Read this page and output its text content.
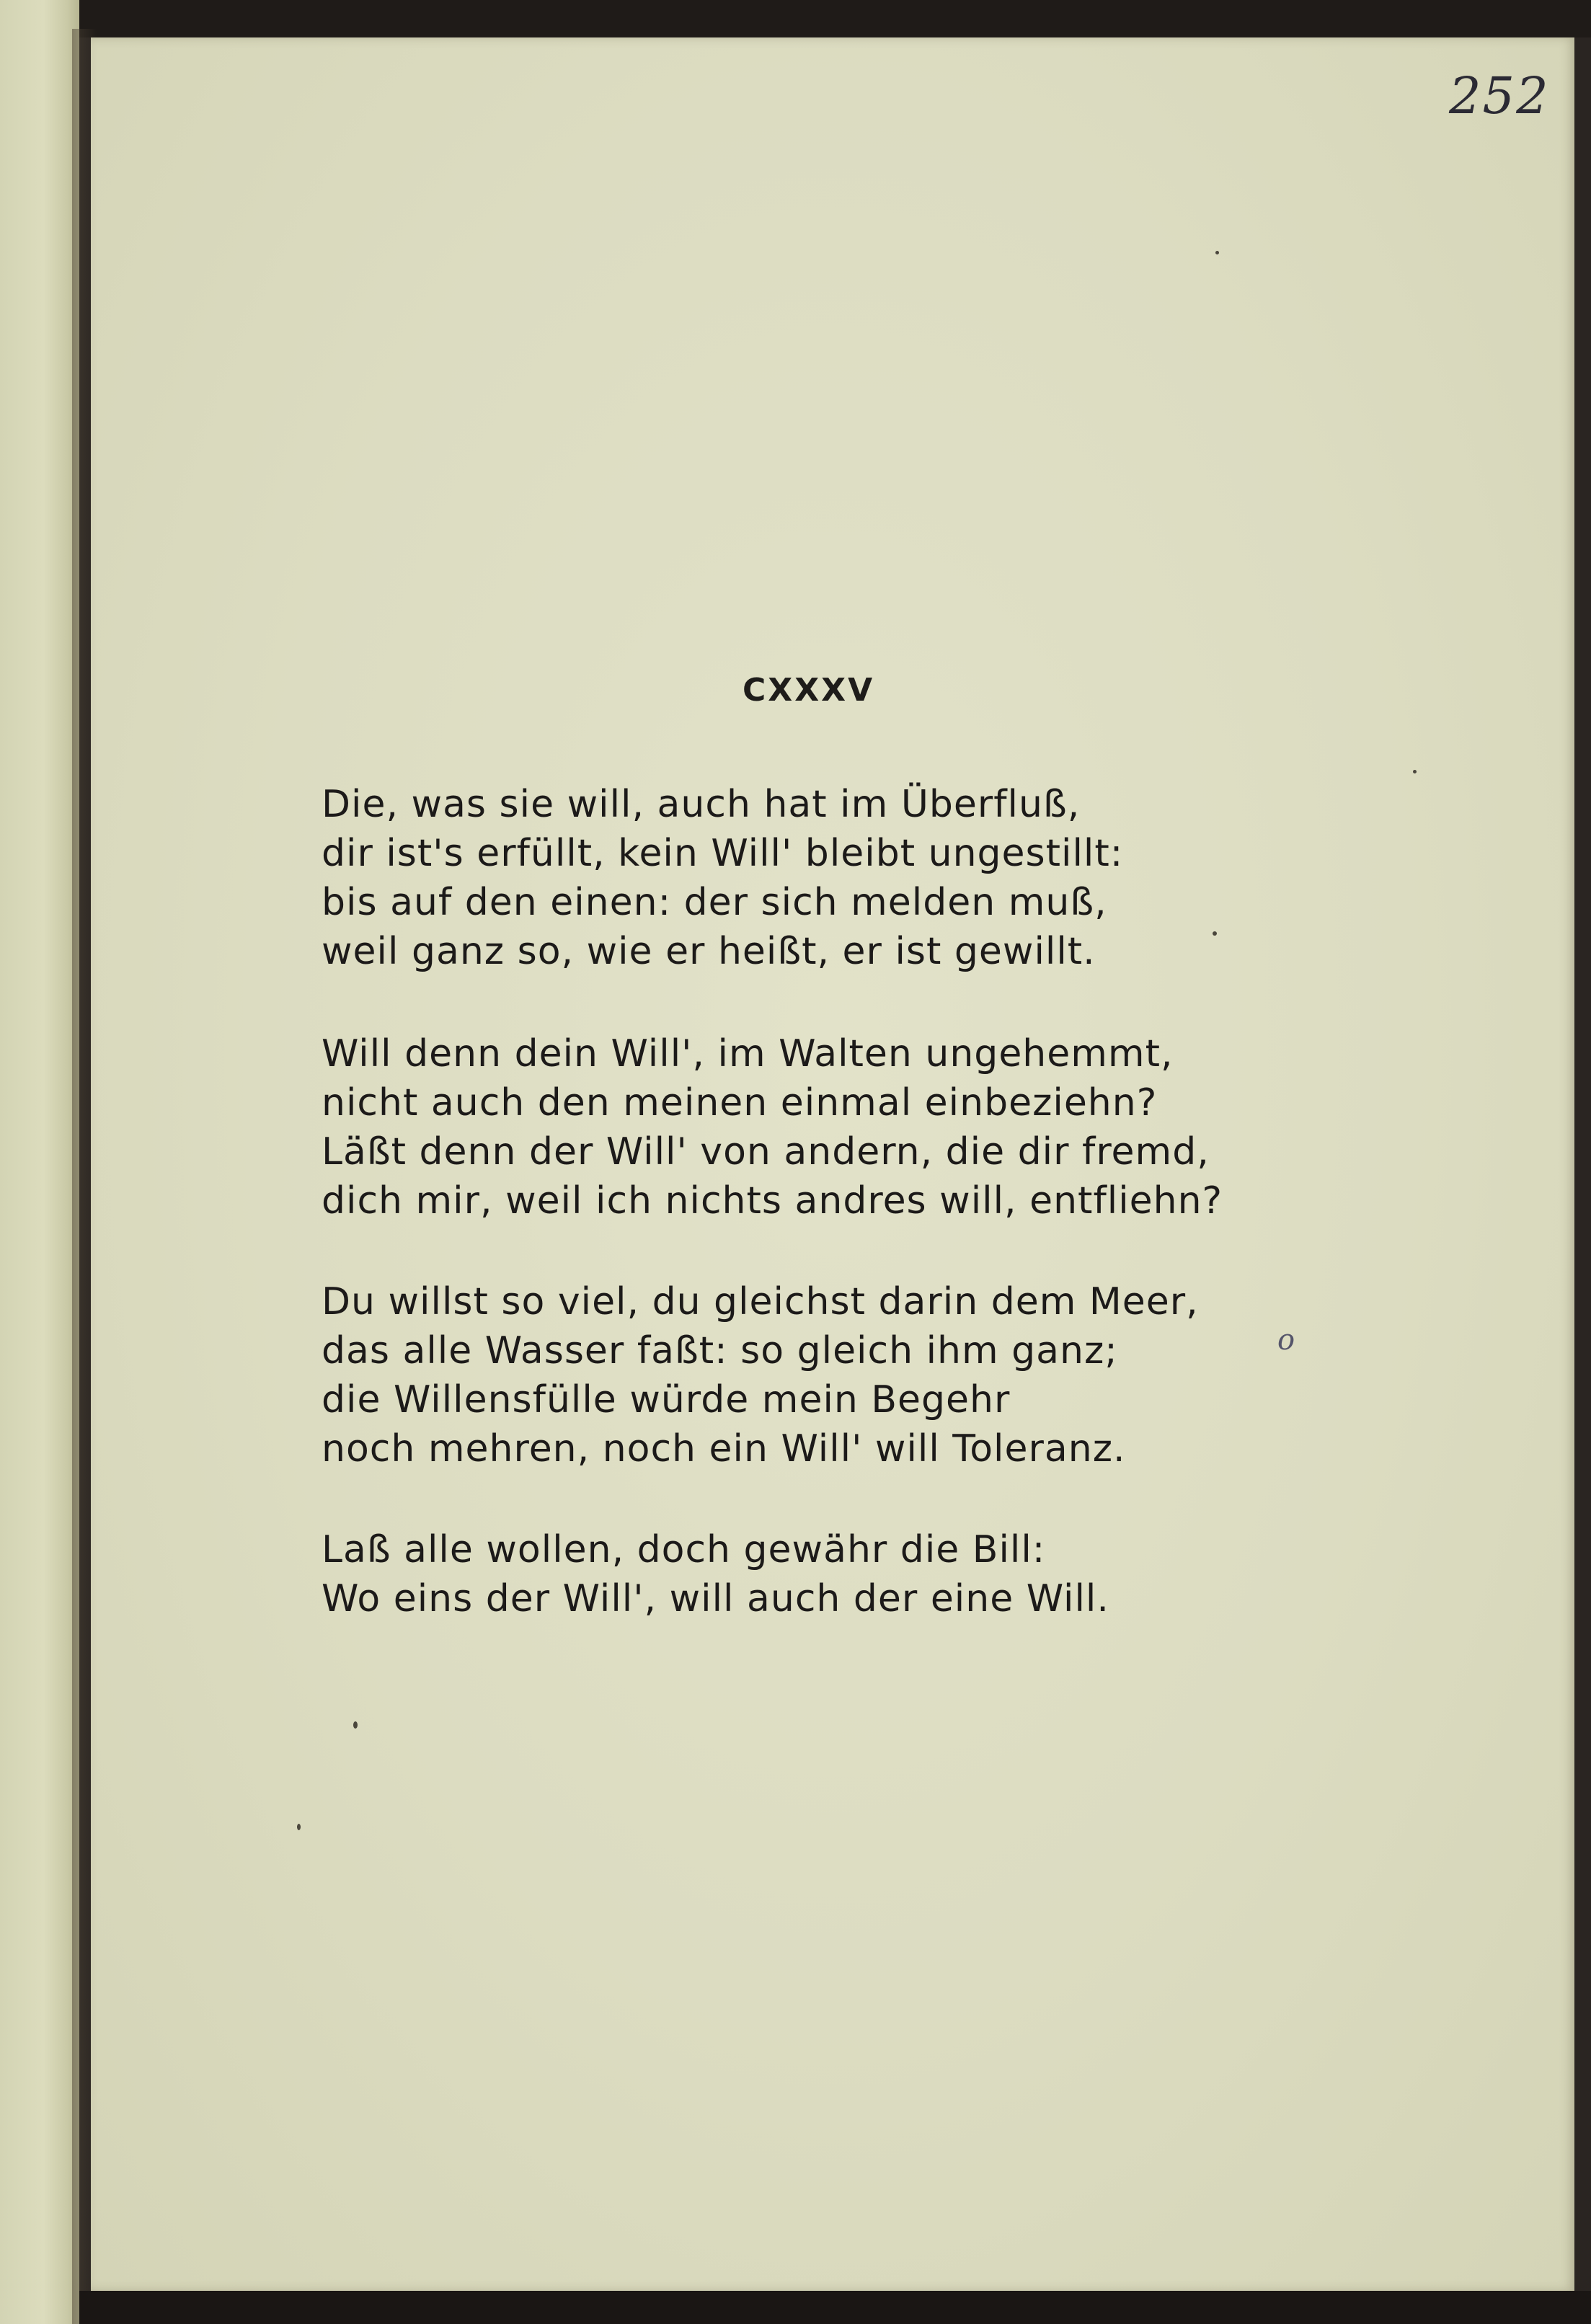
252
CXXXV
Die, was sie will, auch hat im Überfluß,
dir ist's erfüllt, kein Will' bleibt ungestillt:
bis auf den einen: der sich melden muß,
weil ganz so, wie er heißt, er ist gewillt.
Will denn dein Will', im Walten ungehemmt,
nicht auch den meinen einmal einbeziehn?
Läßt denn der Will' von andern, die dir fremd,
dich mir, weil ich nichts andres will, entfliehn?
Du willst so viel, du gleichst darin dem Meer,
das alle Wasser faßt: so gleich ihm ganz;
die Willensfülle würde mein Begehr
noch mehren, noch ein Will' will Toleranz.
Laß alle wollen, doch gewähr die Bill:
Wo eins der Will', will auch der eine Will.
o
